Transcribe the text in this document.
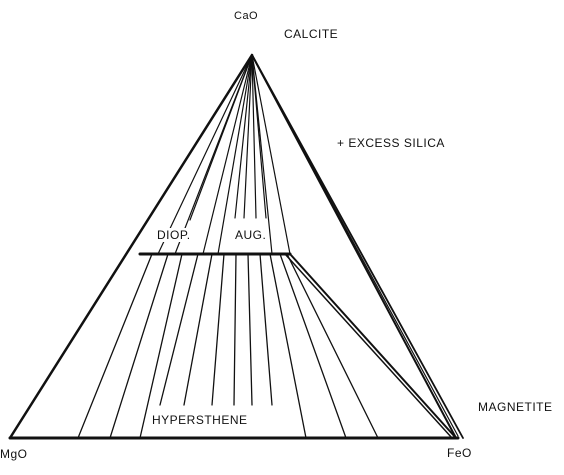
CaO
CALCITE
+ EXCESS SILICA
DIOP.	AUG.
HYPERSTHENE
MAGNETITE
MgO	FeO
